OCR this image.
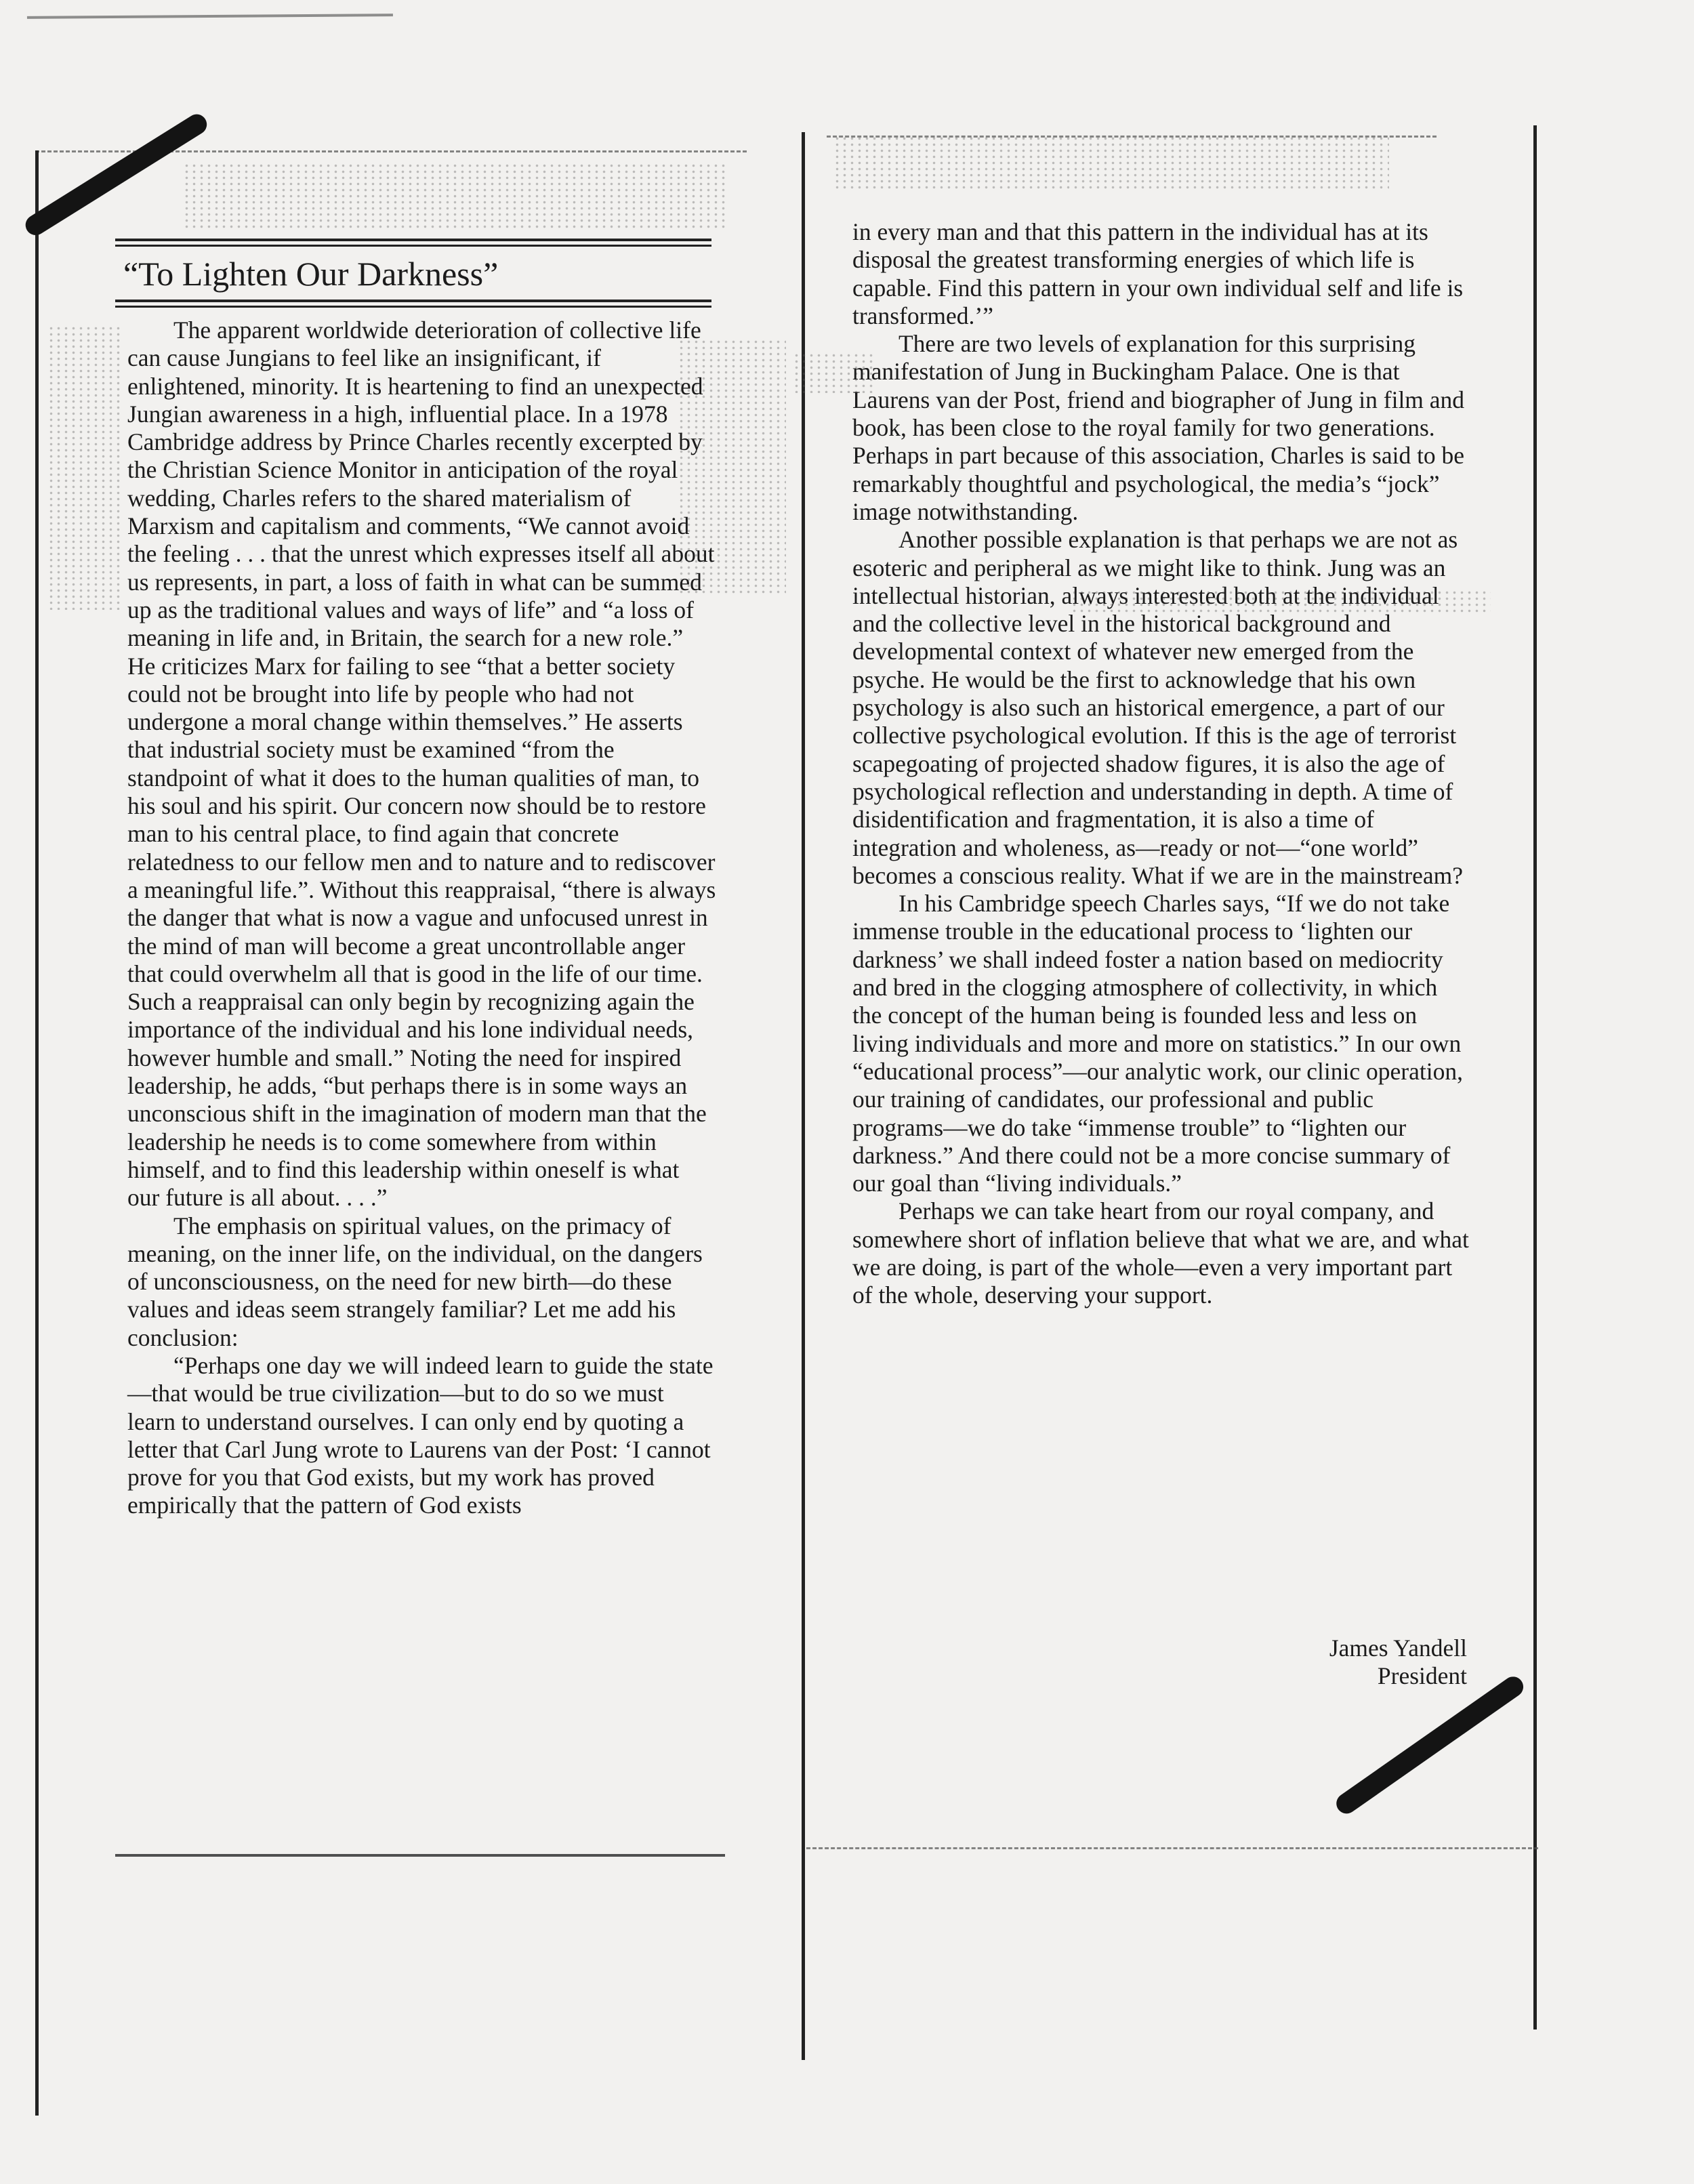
“To Lighten Our Darkness”

The apparent worldwide deterioration of collective life can cause Jungians to feel like an insignificant, if enlightened, minority. It is heartening to find an unexpected Jungian awareness in a high, influential place. In a 1978 Cambridge address by Prince Charles recently excerpted by the Christian Science Monitor in anticipation of the royal wedding, Charles refers to the shared materialism of Marxism and capitalism and comments, “We cannot avoid the feeling . . . that the unrest which expresses itself all about us represents, in part, a loss of faith in what can be summed up as the traditional values and ways of life” and “a loss of meaning in life and, in Britain, the search for a new role.” He criticizes Marx for failing to see “that a better society could not be brought into life by people who had not undergone a moral change within themselves.” He asserts that industrial society must be examined “from the standpoint of what it does to the human qualities of man, to his soul and his spirit. Our concern now should be to restore man to his central place, to find again that concrete relatedness to our fellow men and to nature and to rediscover a meaningful life.”. Without this reappraisal, “there is always the danger that what is now a vague and unfocused unrest in the mind of man will become a great uncontrollable anger that could overwhelm all that is good in the life of our time. Such a reappraisal can only begin by recognizing again the importance of the individual and his lone individual needs, however humble and small.” Noting the need for inspired leadership, he adds, “but perhaps there is in some ways an unconscious shift in the imagination of modern man that the leadership he needs is to come somewhere from within himself, and to find this leadership within oneself is what our future is all about. . . .”

The emphasis on spiritual values, on the primacy of meaning, on the inner life, on the individual, on the dangers of unconsciousness, on the need for new birth—do these values and ideas seem strangely familiar? Let me add his conclusion:

“Perhaps one day we will indeed learn to guide the state—that would be true civilization—but to do so we must learn to understand ourselves. I can only end by quoting a letter that Carl Jung wrote to Laurens van der Post: ‘I cannot prove for you that God exists, but my work has proved empirically that the pattern of God exists

in every man and that this pattern in the individual has at its disposal the greatest transforming energies of which life is capable. Find this pattern in your own individual self and life is transformed.’”

There are two levels of explanation for this surprising manifestation of Jung in Buckingham Palace. One is that Laurens van der Post, friend and biographer of Jung in film and book, has been close to the royal family for two generations. Perhaps in part because of this association, Charles is said to be remarkably thoughtful and psychological, the media’s “jock” image notwithstanding.

Another possible explanation is that perhaps we are not as esoteric and peripheral as we might like to think. Jung was an intellectual historian, always interested both at the individual and the collective level in the historical background and developmental context of whatever new emerged from the psyche. He would be the first to acknowledge that his own psychology is also such an historical emergence, a part of our collective psychological evolution. If this is the age of terrorist scapegoating of projected shadow figures, it is also the age of psychological reflection and understanding in depth. A time of disidentification and fragmentation, it is also a time of integration and wholeness, as—ready or not—“one world” becomes a conscious reality. What if we are in the mainstream?

In his Cambridge speech Charles says, “If we do not take immense trouble in the educational process to ‘lighten our darkness’ we shall indeed foster a nation based on mediocrity and bred in the clogging atmosphere of collectivity, in which the concept of the human being is founded less and less on living individuals and more and more on statistics.” In our own “educational process”—our analytic work, our clinic operation, our training of candidates, our professional and public programs—we do take “immense trouble” to “lighten our darkness.” And there could not be a more concise summary of our goal than “living individuals.”

Perhaps we can take heart from our royal company, and somewhere short of inflation believe that what we are, and what we are doing, is part of the whole—even a very important part of the whole, deserving your support.

James Yandell
President
